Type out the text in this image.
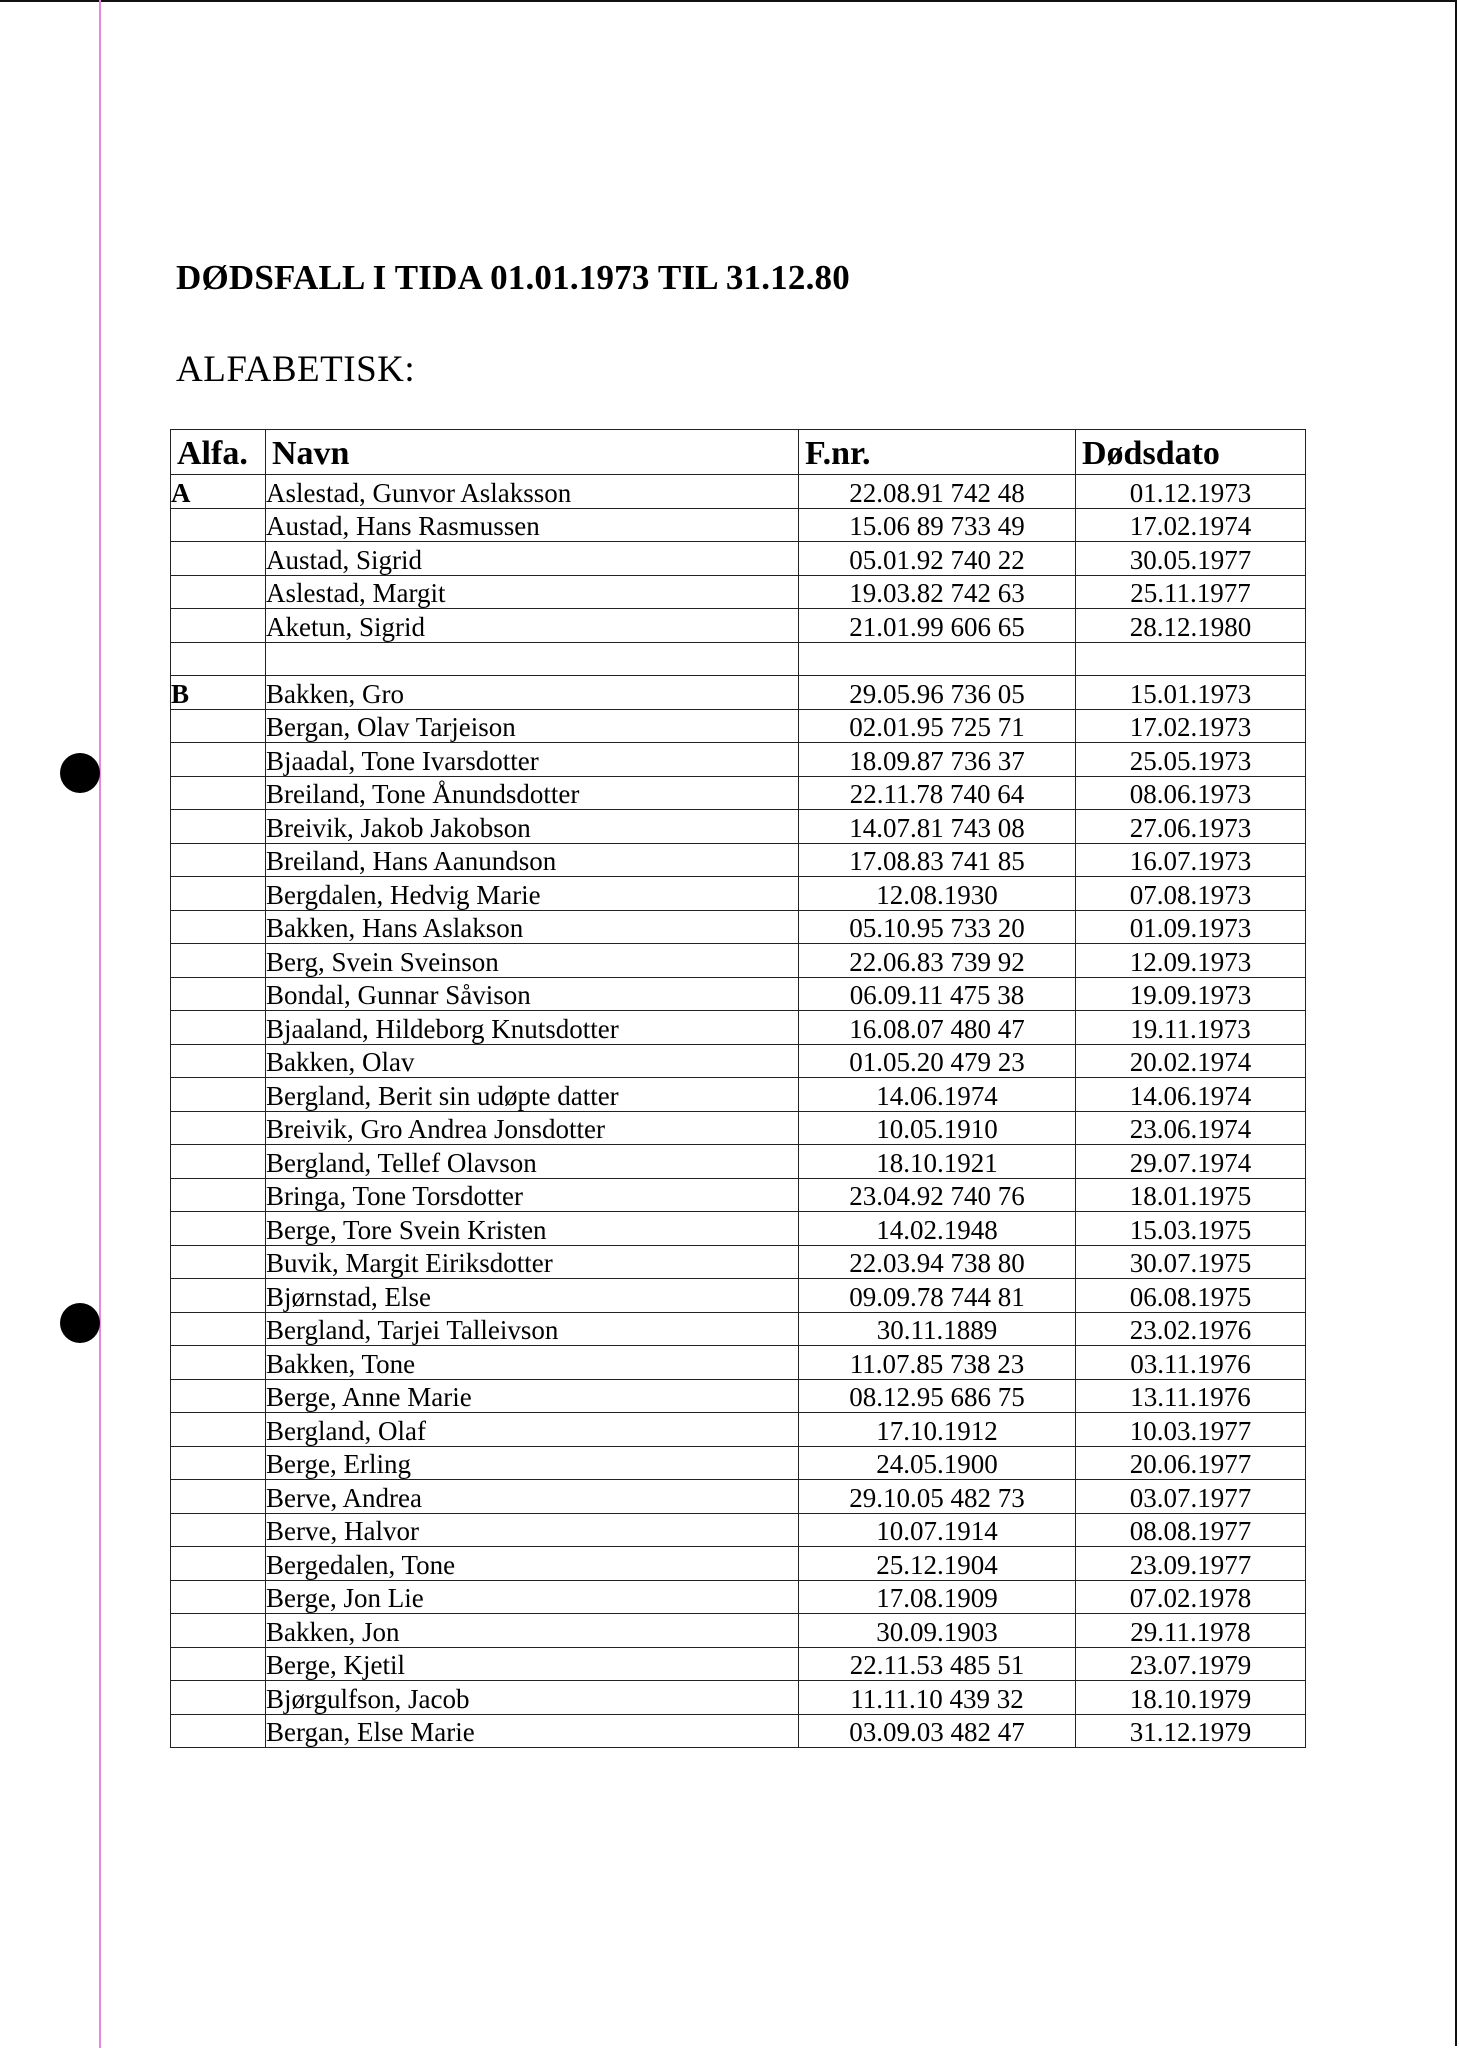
DØDSFALL I TIDA 01.01.1973 TIL 31.12.80
ALFABETISK:
Alfa.	Navn	F.nr.	Dødsdato
A	Aslestad, Gunvor Aslaksson	22.08.91 742 48	01.12.1973
	Austad, Hans Rasmussen	15.06 89 733 49	17.02.1974
	Austad, Sigrid	05.01.92 740 22	30.05.1977
	Aslestad, Margit	19.03.82 742 63	25.11.1977
	Aketun, Sigrid	21.01.99 606 65	28.12.1980

B	Bakken, Gro	29.05.96 736 05	15.01.1973
	Bergan, Olav Tarjeison	02.01.95 725 71	17.02.1973
	Bjaadal, Tone Ivarsdotter	18.09.87 736 37	25.05.1973
	Breiland, Tone Ånundsdotter	22.11.78 740 64	08.06.1973
	Breivik, Jakob Jakobson	14.07.81 743 08	27.06.1973
	Breiland, Hans Aanundson	17.08.83 741 85	16.07.1973
	Bergdalen, Hedvig Marie	12.08.1930	07.08.1973
	Bakken, Hans Aslakson	05.10.95 733 20	01.09.1973
	Berg, Svein Sveinson	22.06.83 739 92	12.09.1973
	Bondal, Gunnar Såvison	06.09.11 475 38	19.09.1973
	Bjaaland, Hildeborg Knutsdotter	16.08.07 480 47	19.11.1973
	Bakken, Olav	01.05.20 479 23	20.02.1974
	Bergland, Berit sin udøpte datter	14.06.1974	14.06.1974
	Breivik, Gro Andrea Jonsdotter	10.05.1910	23.06.1974
	Bergland, Tellef Olavson	18.10.1921	29.07.1974
	Bringa, Tone Torsdotter	23.04.92 740 76	18.01.1975
	Berge, Tore Svein Kristen	14.02.1948	15.03.1975
	Buvik, Margit Eiriksdotter	22.03.94 738 80	30.07.1975
	Bjørnstad, Else	09.09.78 744 81	06.08.1975
	Bergland, Tarjei Talleivson	30.11.1889	23.02.1976
	Bakken, Tone	11.07.85 738 23	03.11.1976
	Berge, Anne Marie	08.12.95 686 75	13.11.1976
	Bergland, Olaf	17.10.1912	10.03.1977
	Berge, Erling	24.05.1900	20.06.1977
	Berve, Andrea	29.10.05 482 73	03.07.1977
	Berve, Halvor	10.07.1914	08.08.1977
	Bergedalen, Tone	25.12.1904	23.09.1977
	Berge, Jon Lie	17.08.1909	07.02.1978
	Bakken, Jon	30.09.1903	29.11.1978
	Berge, Kjetil	22.11.53 485 51	23.07.1979
	Bjørgulfson, Jacob	11.11.10 439 32	18.10.1979
	Bergan, Else Marie	03.09.03 482 47	31.12.1979
